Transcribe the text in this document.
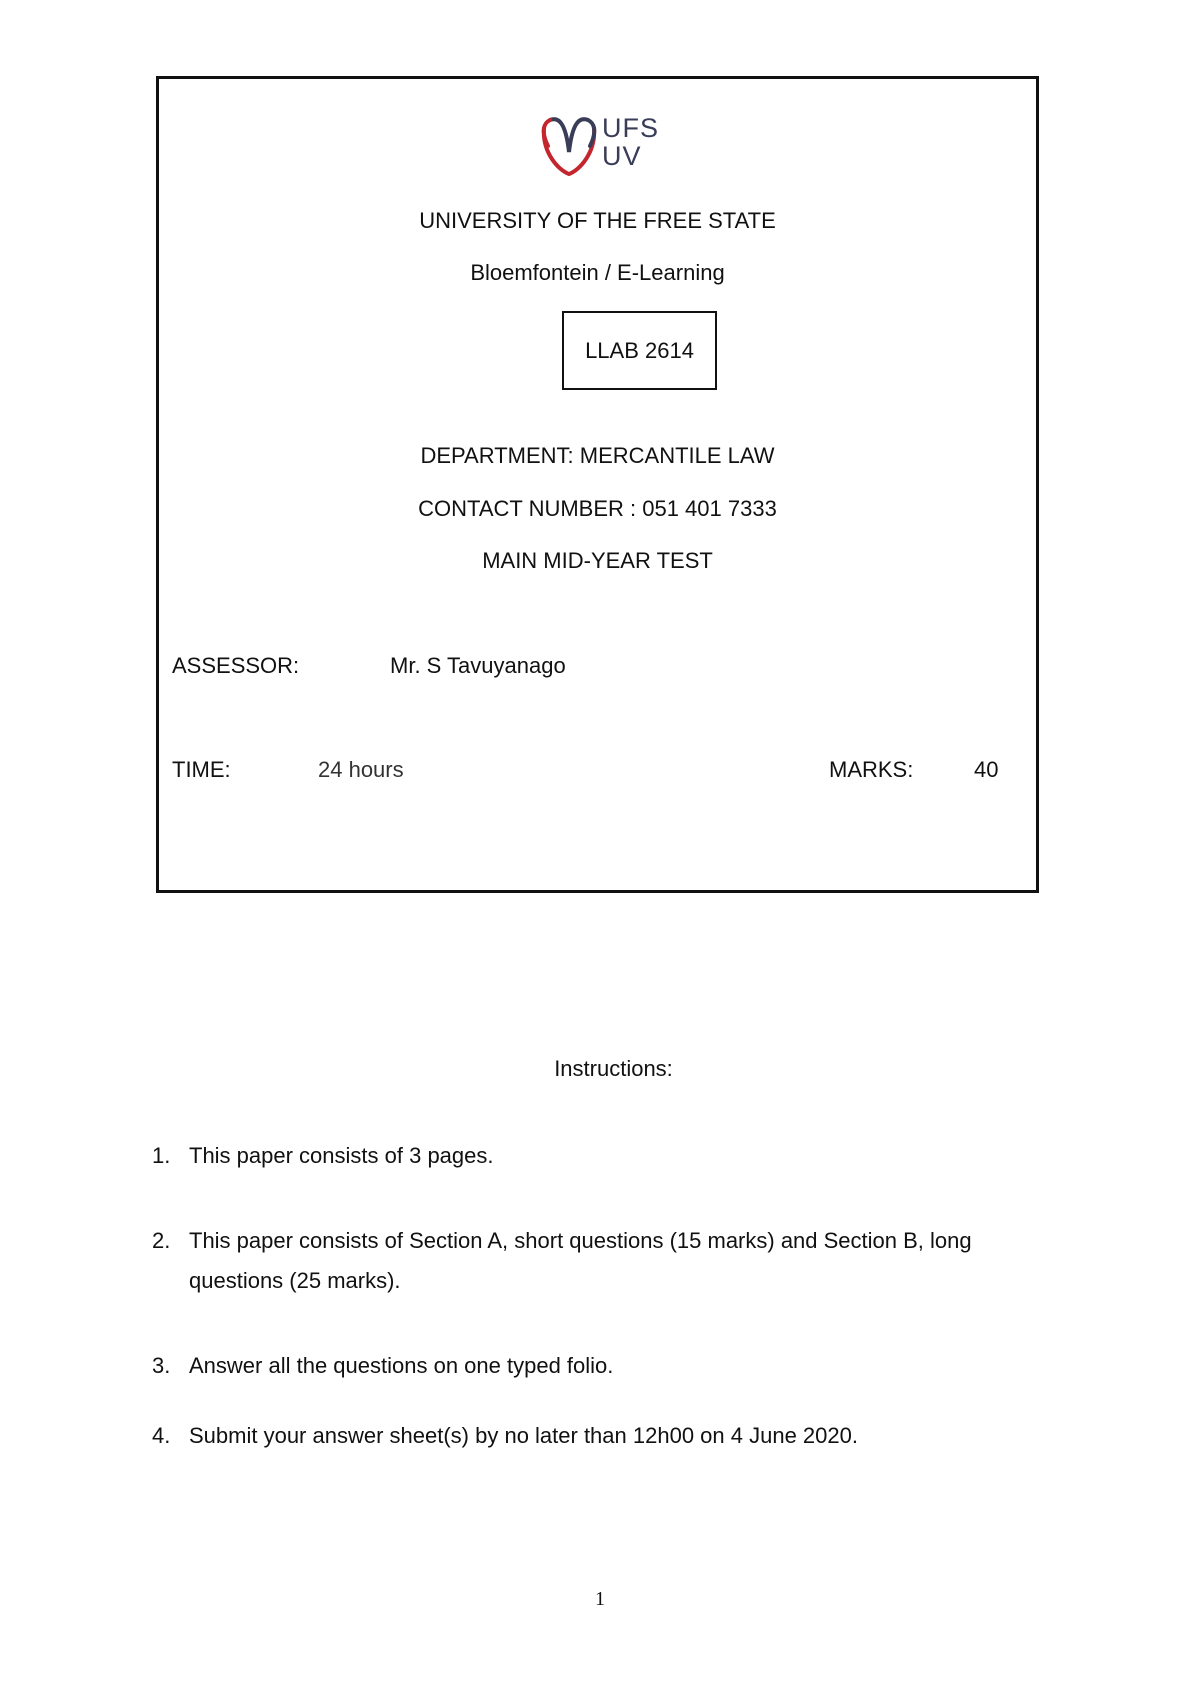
UFS
UV
UNIVERSITY OF THE FREE STATE
Bloemfontein / E-Learning
LLAB 2614
DEPARTMENT: MERCANTILE LAW
CONTACT NUMBER : 051 401 7333
MAIN MID-YEAR TEST
ASSESSOR:	Mr. S Tavuyanago
TIME:	24 hours	MARKS:	40
Instructions:
1. This paper consists of 3 pages.
2. This paper consists of Section A, short questions (15 marks) and Section B, long questions (25 marks).
3. Answer all the questions on one typed folio.
4. Submit your answer sheet(s) by no later than 12h00 on 4 June 2020.
1
